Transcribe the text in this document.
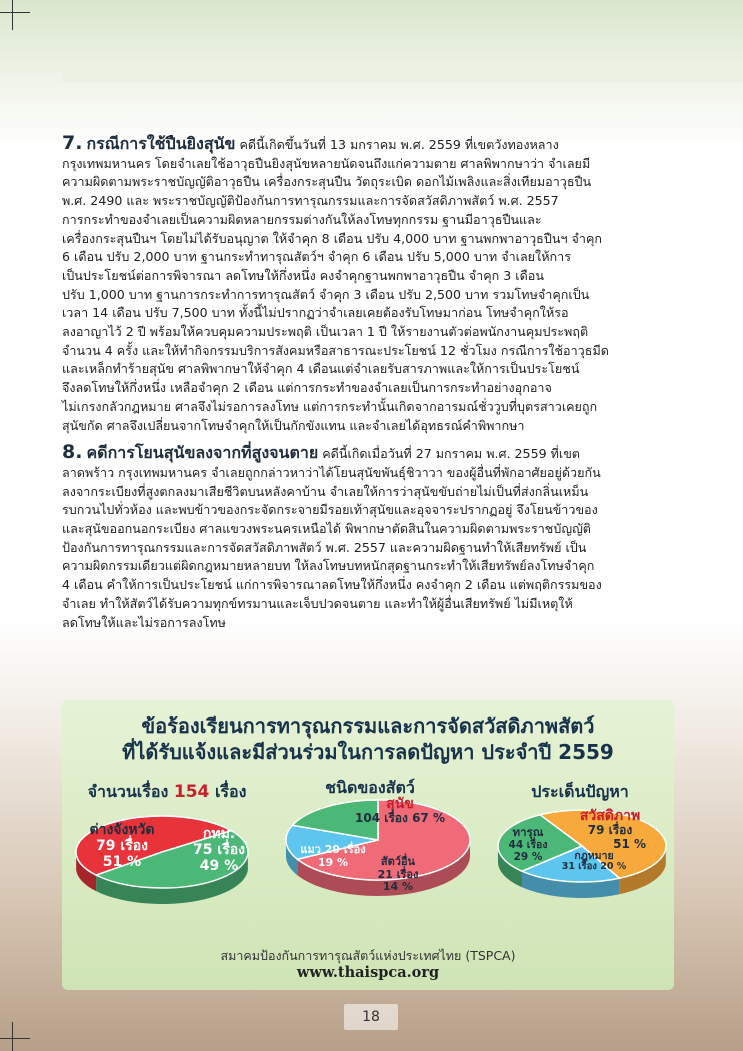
7. กรณีการใช้ปืนยิงสุนัข คดีนี้เกิดขึ้นวันที่ 13 มกราคม พ.ศ. 2559 ที่เขตวังทองหลาง
กรุงเทพมหานคร โดยจำเลยใช้อาวุธปืนยิงสุนัขหลายนัดจนถึงแก่ความตาย ศาลพิพากษาว่า จำเลยมี
ความผิดตามพระราชบัญญัติอาวุธปืน เครื่องกระสุนปืน วัตถุระเบิด ดอกไม้เพลิงและสิ่งเทียมอาวุธปืน
พ.ศ. 2490 และ พระราชบัญญัติป้องกันการทารุณกรรมและการจัดสวัสดิภาพสัตว์ พ.ศ. 2557
การกระทำของจำเลยเป็นความผิดหลายกรรมต่างกันให้ลงโทษทุกกรรม ฐานมีอาวุธปืนและ
เครื่องกระสุนปืนฯ โดยไม่ได้รับอนุญาต ให้จำคุก 8 เดือน ปรับ 4,000 บาท ฐานพกพาอาวุธปืนฯ จำคุก
6 เดือน ปรับ 2,000 บาท ฐานกระทำทารุณสัตว์ฯ จำคุก 6 เดือน ปรับ 5,000 บาท จำเลยให้การ
เป็นประโยชน์ต่อการพิจารณา ลดโทษให้กึ่งหนึ่ง คงจำคุกฐานพกพาอาวุธปืน จำคุก 3 เดือน
ปรับ 1,000 บาท ฐานการกระทำการทารุณสัตว์ จำคุก 3 เดือน ปรับ 2,500 บาท รวมโทษจำคุกเป็น
เวลา 14 เดือน ปรับ 7,500 บาท ทั้งนี้ไม่ปรากฏว่าจำเลยเคยต้องรับโทษมาก่อน โทษจำคุกให้รอ
ลงอาญาไว้ 2 ปี พร้อมให้ควบคุมความประพฤติ เป็นเวลา 1 ปี ให้รายงานตัวต่อพนักงานคุมประพฤติ
จำนวน 4 ครั้ง และให้ทำกิจกรรมบริการสังคมหรือสาธารณะประโยชน์ 12 ชั่วโมง กรณีการใช้อาวุธมีด
และเหล็กทำร้ายสุนัข ศาลพิพากษาให้จำคุก 4 เดือนแต่จำเลยรับสารภาพและให้การเป็นประโยชน์
จึงลดโทษให้กึ่งหนึ่ง เหลือจำคุก 2 เดือน แต่การกระทำของจำเลยเป็นการกระทำอย่างอุกอาจ
ไม่เกรงกลัวกฎหมาย ศาลจึงไม่รอการลงโทษ แต่การกระทำนั้นเกิดจากอารมณ์ชั่ววูบที่บุตรสาวเคยถูก
สุนัขกัด ศาลจึงเปลี่ยนจากโทษจำคุกให้เป็นกักขังแทน และจำเลยได้อุทธรณ์คำพิพากษา

8. คดีการโยนสุนัขลงจากที่สูงจนตาย คดีนี้เกิดเมื่อวันที่ 27 มกราคม พ.ศ. 2559 ที่เขต
ลาดพร้าว กรุงเทพมหานคร จำเลยถูกกล่าวหาว่าได้โยนสุนัขพันธุ์ชิวาวา ของผู้อื่นที่พักอาศัยอยู่ด้วยกัน
ลงจากระเบียงที่สูงตกลงมาเสียชีวิตบนหลังคาบ้าน จำเลยให้การว่าสุนัขขับถ่ายไม่เป็นที่ส่งกลิ่นเหม็น
รบกวนไปทั่วห้อง และพบข้าวของกระจัดกระจายมีรอยเท้าสุนัขและอุจจาระปรากฏอยู่ จึงโยนข้าวของ
และสุนัขออกนอกระเบียง ศาลแขวงพระนครเหนือได้ พิพากษาตัดสินในความผิดตามพระราชบัญญัติ
ป้องกันการทารุณกรรมและการจัดสวัสดิภาพสัตว์ พ.ศ. 2557 และความผิดฐานทำให้เสียทรัพย์ เป็น
ความผิดกรรมเดียวแต่ผิดกฎหมายหลายบท ให้ลงโทษบทหนักสุดฐานกระทำให้เสียทรัพย์ลงโทษจำคุก
4 เดือน คำให้การเป็นประโยชน์ แก่การพิจารณาลดโทษให้กึ่งหนึ่ง คงจำคุก 2 เดือน แต่พฤติกรรมของ
จำเลย ทำให้สัตว์ได้รับความทุกข์ทรมานและเจ็บปวดจนตาย และทำให้ผู้อื่นเสียทรัพย์ ไม่มีเหตุให้
ลดโทษให้และไม่รอการลงโทษ

ข้อร้องเรียนการทารุณกรรมและการจัดสวัสดิภาพสัตว์

ที่ได้รับแจ้งและมีส่วนร่วมในการลดปัญหา ประจำปี 2559

จำนวนเรื่อง 154 เรื่อง	ชนิดของสัตว์	ประเด็นปัญหา
ต่างจังหวัด
79 เรื่อง
51 %
กทม.
75 เรื่อง
49 %
สุนัข
104 เรื่อง 67 %
แมว 29 เรื่อง
19 %	สัตว์อื่น
21 เรื่อง
14 %
สวัสดิภาพ
79 เรื่อง
51 %
ทารุณ
44 เรื่อง
29 %	กฎหมาย
31 เรื่อง 20 %
สมาคมป้องกันการทารุณสัตว์แห่งประเทศไทย (TSPCA)
www.thaispca.org
18
